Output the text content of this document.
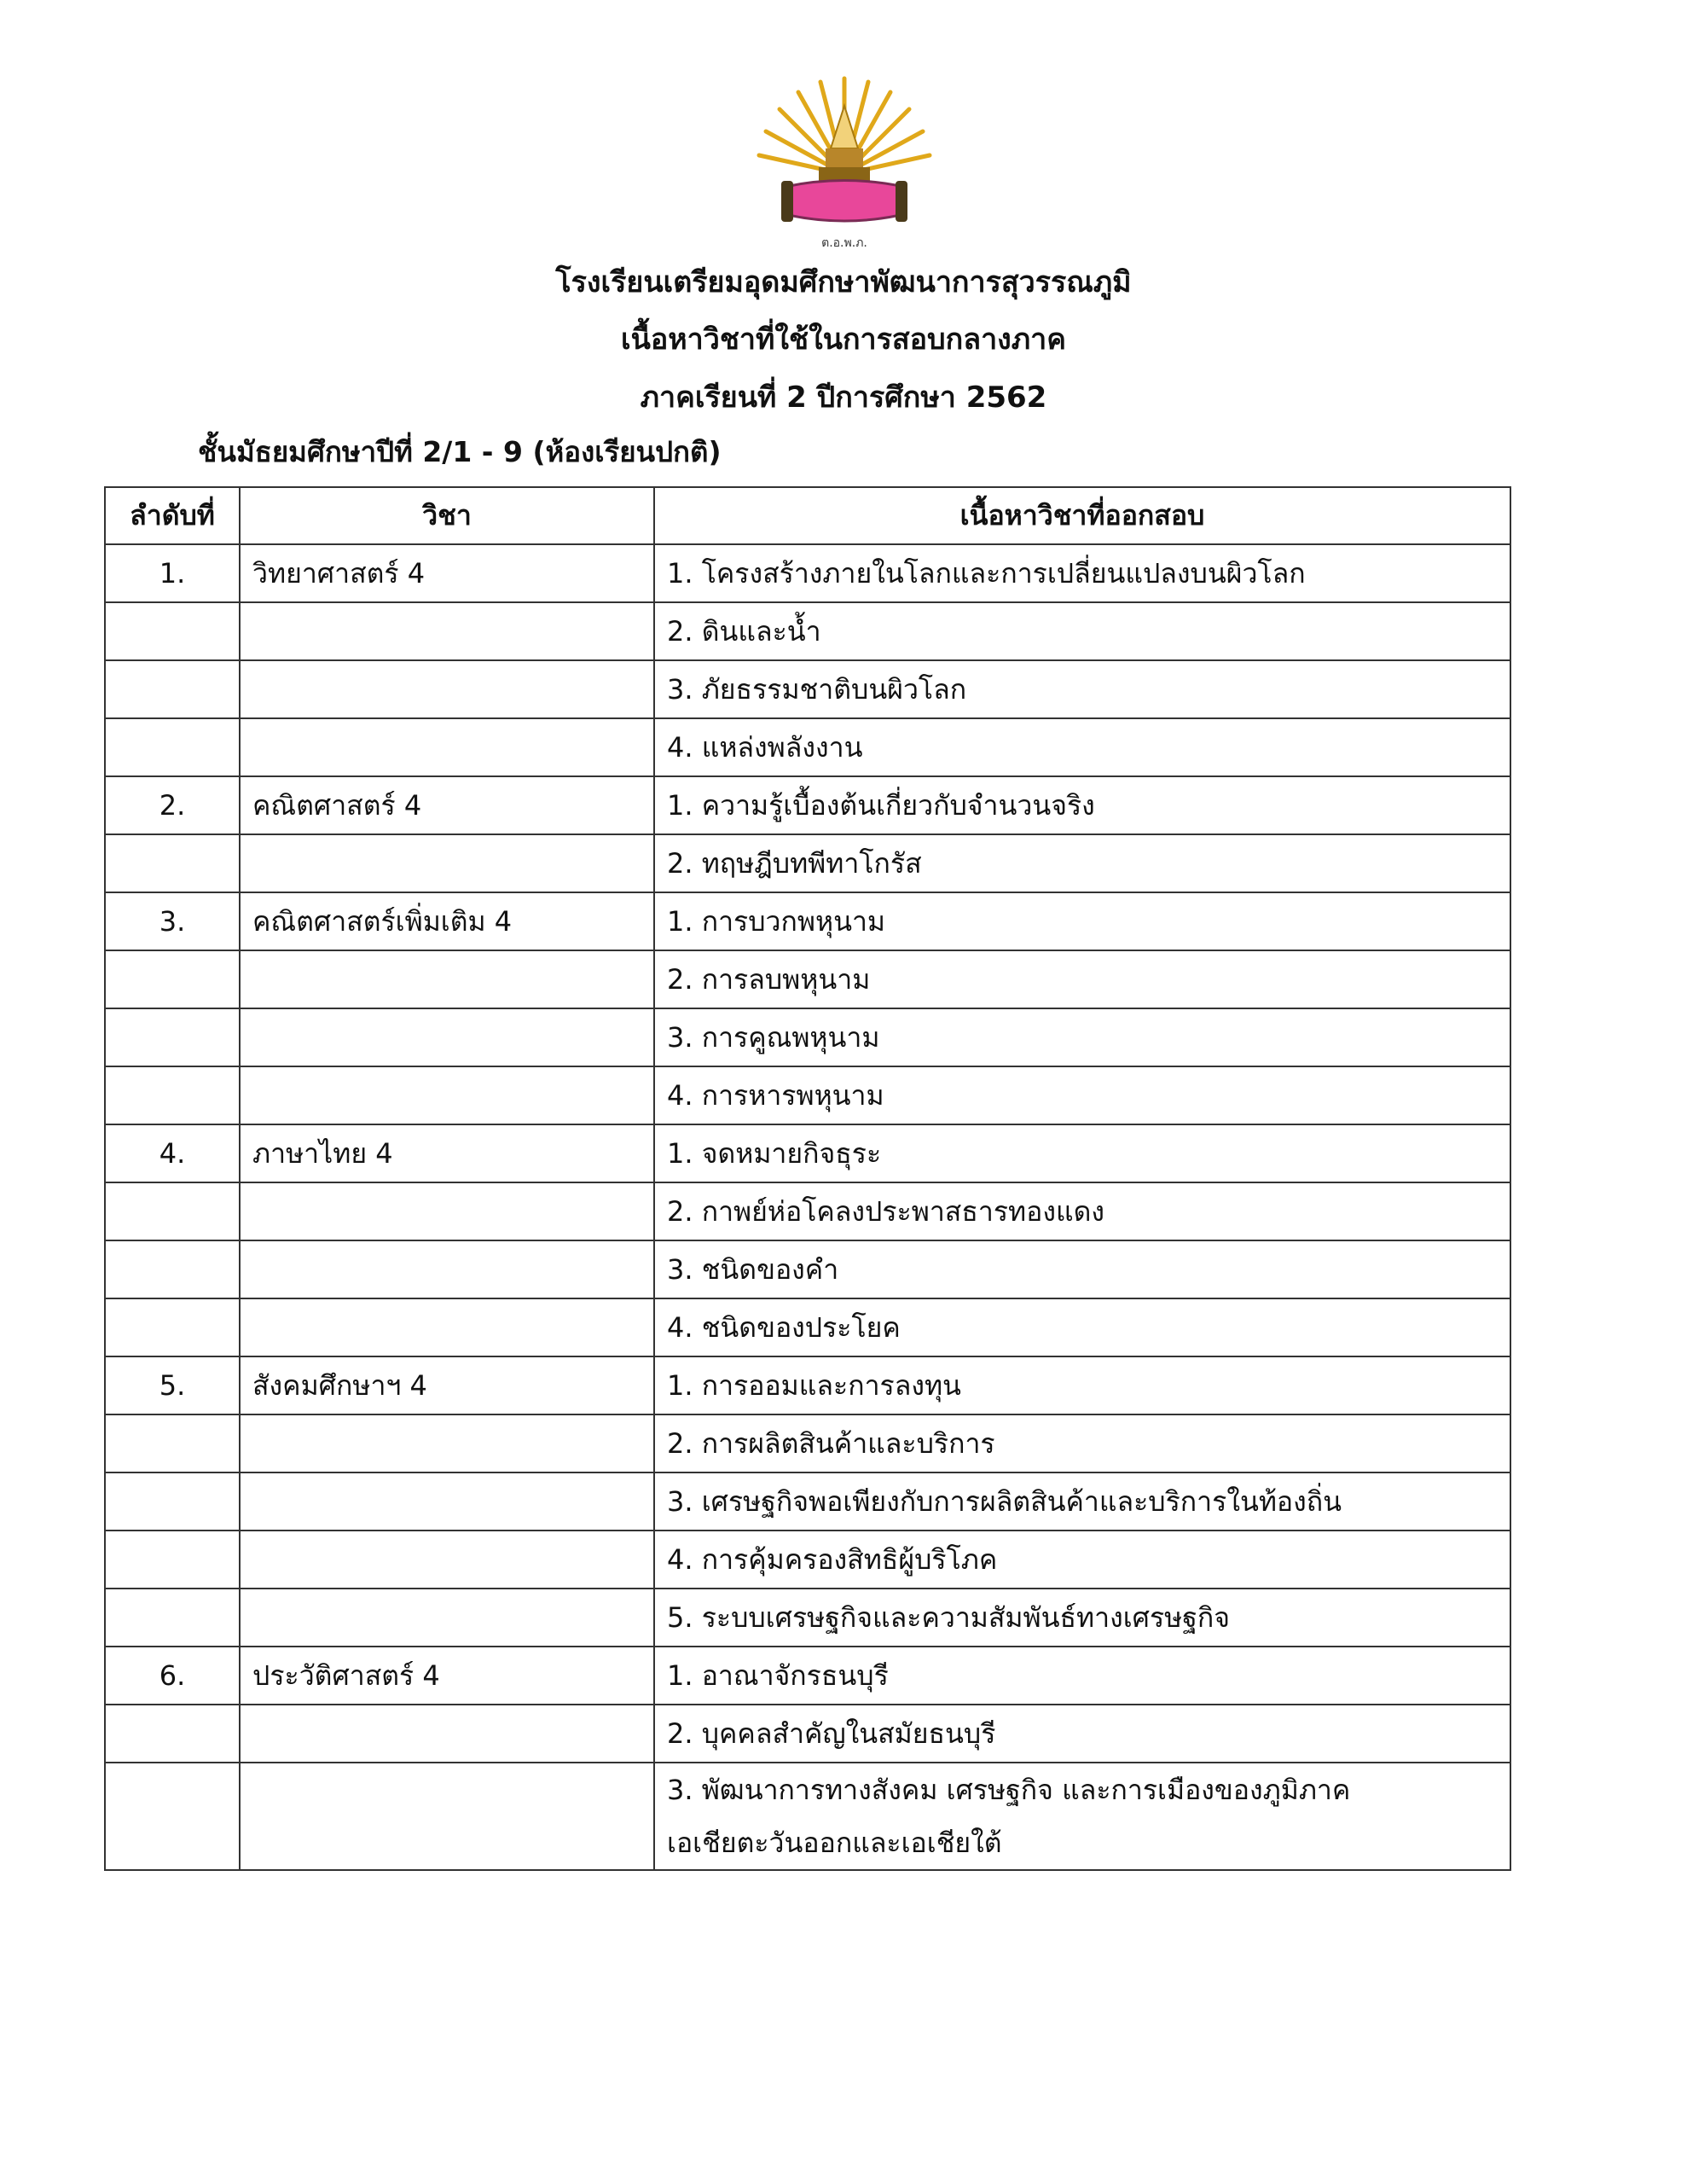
ต.อ.พ.ภ.
โรงเรียนเตรียมอุดมศึกษาพัฒนาการสุวรรณภูมิ
เนื้อหาวิชาที่ใช้ในการสอบกลางภาค
ภาคเรียนที่ 2 ปีการศึกษา 2562
ชั้นมัธยมศึกษาปีที่ 2/1 - 9 (ห้องเรียนปกติ)
ลำดับที่	วิชา	เนื้อหาวิชาที่ออกสอบ
1.	วิทยาศาสตร์ 4	1. โครงสร้างภายในโลกและการเปลี่ยนแปลงบนผิวโลก
		2. ดินและน้ำ
		3. ภัยธรรมชาติบนผิวโลก
		4. แหล่งพลังงาน
2.	คณิตศาสตร์ 4	1. ความรู้เบื้องต้นเกี่ยวกับจำนวนจริง
		2. ทฤษฎีบทพีทาโกรัส
3.	คณิตศาสตร์เพิ่มเติม 4	1. การบวกพหุนาม
		2. การลบพหุนาม
		3. การคูณพหุนาม
		4. การหารพหุนาม
4.	ภาษาไทย 4	1. จดหมายกิจธุระ
		2. กาพย์ห่อโคลงประพาสธารทองแดง
		3. ชนิดของคำ
		4. ชนิดของประโยค
5.	สังคมศึกษาฯ 4	1. การออมและการลงทุน
		2. การผลิตสินค้าและบริการ
		3. เศรษฐกิจพอเพียงกับการผลิตสินค้าและบริการในท้องถิ่น
		4. การคุ้มครองสิทธิผู้บริโภค
		5. ระบบเศรษฐกิจและความสัมพันธ์ทางเศรษฐกิจ
6.	ประวัติศาสตร์ 4	1. อาณาจักรธนบุรี
		2. บุคคลสำคัญในสมัยธนบุรี
		3. พัฒนาการทางสังคม เศรษฐกิจ และการเมืองของภูมิภาค
เอเชียตะวันออกและเอเชียใต้
